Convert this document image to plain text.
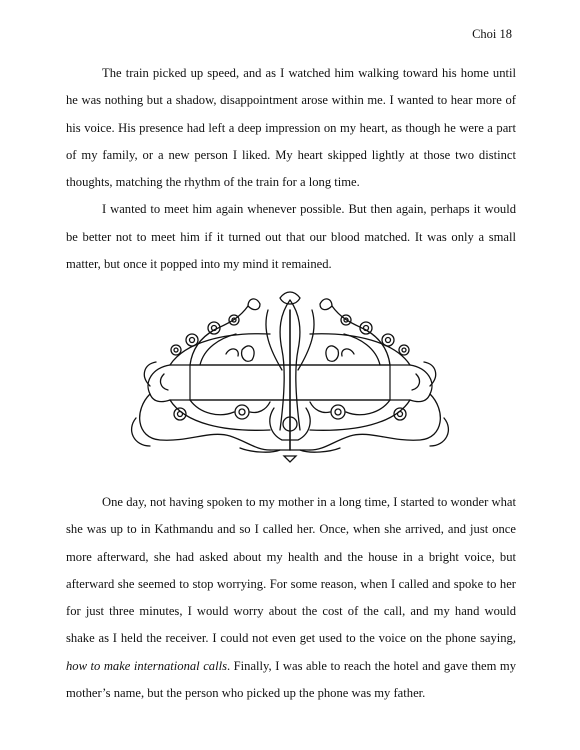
Choi 18

The train picked up speed, and as I watched him walking toward his home until he was nothing but a shadow, disappointment arose within me. I wanted to hear more of his voice. His presence had left a deep impression on my heart, as though he were a part of my family, or a new person I liked. My heart skipped lightly at those two distinct thoughts, matching the rhythm of the train for a long time.

I wanted to meet him again whenever possible. But then again, perhaps it would be better not to meet him if it turned out that our blood matched. It was only a small matter, but once it popped into my mind it remained.

One day, not having spoken to my mother in a long time, I started to wonder what she was up to in Kathmandu and so I called her. Once, when she arrived, and just once more afterward, she had asked about my health and the house in a bright voice, but afterward she seemed to stop worrying. For some reason, when I called and spoke to her for just three minutes, I would worry about the cost of the call, and my hand would shake as I held the receiver. I could not even get used to the voice on the phone saying, how to make international calls. Finally, I was able to reach the hotel and gave them my mother’s name, but the person who picked up the phone was my father.
